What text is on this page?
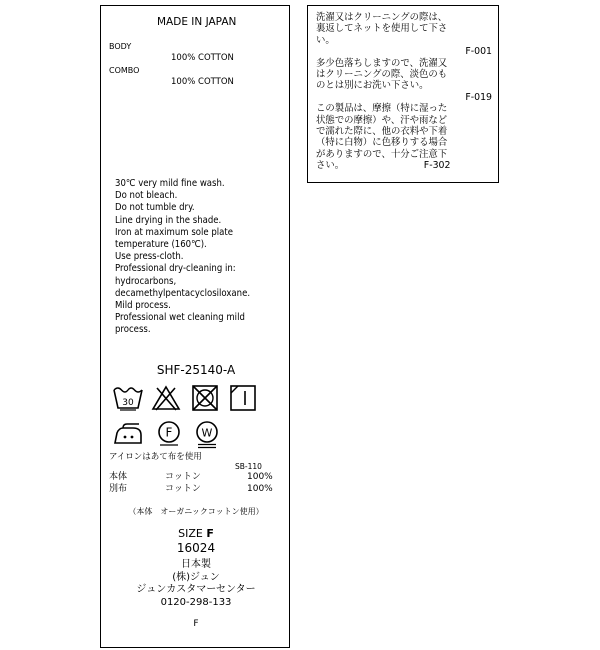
MADE IN JAPAN
BODY
100% COTTON
COMBO
100% COTTON
30℃ very mild fine wash.
Do not bleach.
Do not tumble dry.
Line drying in the shade.
Iron at maximum sole plate
temperature (160℃).
Use press-cloth.
Professional dry-cleaning in:
hydrocarbons,
decamethylpentacyclosiloxane.
Mild process.
Professional wet cleaning mild
process.
SHF-25140-A
30
F	W
アイロンはあて布を使用
SB-110
本体	コットン	100%
別布	コットン	100%
（本体　オーガニックコットン使用）
SIZE F
16024
日本製
(株)ジュン
ジュンカスタマーセンター
0120-298-133
F
洗濯又はクリーニングの際は、
裏返してネットを使用して下さ
い。
F-001
多少色落ちしますので、洗濯又
はクリーニングの際、淡色のも
のとは別にお洗い下さい。
F-019
この製品は、摩擦（特に湿った
状態での摩擦）や、汗や雨など
で濡れた際に、他の衣料や下着
（特に白物）に色移りする場合
がありますので、十分ご注意下
さい。　　　　　　　　　F-302
